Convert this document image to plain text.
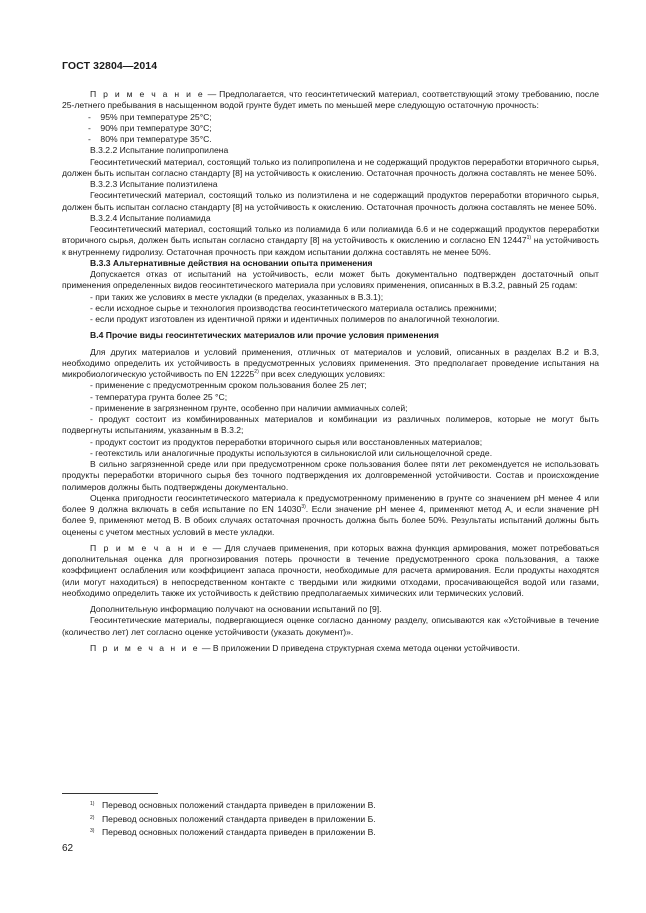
ГОСТ 32804—2014

П р и м е ч а н и е — Предполагается, что геосинтетический материал, соответствующий этому требованию, после 25-летнего пребывания в насыщенном водой грунте будет иметь по меньшей мере следующую остаточную прочность:

-    95% при температуре 25°С;

-    90% при температуре 30°С;

-    80% при температуре 35°С.

В.3.2.2 Испытание полипропилена

Геосинтетический материал, состоящий только из полипропилена и не содержащий продуктов переработки вторичного сырья, должен быть испытан согласно стандарту [8] на устойчивость к окислению. Остаточная прочность должна составлять не менее 50%.

В.3.2.3 Испытание полиэтилена

Геосинтетический материал, состоящий только из полиэтилена и не содержащий продуктов переработки вторичного сырья, должен быть испытан согласно стандарту [8] на устойчивость к окислению. Остаточная прочность должна составлять не менее 50%.

В.3.2.4 Испытание полиамида

Геосинтетический материал, состоящий только из полиамида 6 или полиамида 6.6 и не содержащий продуктов переработки вторичного сырья, должен быть испытан согласно стандарту [8] на устойчивость к окислению и согласно EN 12447$^{1)}$ на устойчивость к внутреннему гидролизу. Остаточная прочность при каждом испытании должна составлять не менее 50%.

В.3.3 Альтернативные действия на основании опыта применения

Допускается отказ от испытаний на устойчивость, если может быть документально подтвержден достаточный опыт применения определенных видов геосинтетического материала при условиях применения, описанных в В.3.2, равный 25 годам:

- при таких же условиях в месте укладки (в пределах, указанных в В.3.1);

- если исходное сырье и технология производства геосинтетического материала остались прежними;

- если продукт изготовлен из идентичной пряжи и идентичных полимеров по аналогичной технологии.

В.4 Прочие виды геосинтетических материалов или прочие условия применения

Для других материалов и условий применения, отличных от материалов и условий, описанных в разделах В.2 и В.3, необходимо определить их устойчивость в предусмотренных условиях применения. Это предполагает проведение испытания на микробиологическую устойчивость по EN 12225$^{2)}$ при всех следующих условиях:

- применение с предусмотренным сроком пользования более 25 лет;

- температура грунта более 25 °С;

- применение в загрязненном грунте, особенно при наличии аммиачных солей;

- продукт состоит из комбинированных материалов и комбинации из различных полимеров, которые не могут быть подвергнуты испытаниям, указанным в В.3.2;

- продукт состоит из продуктов переработки вторичного сырья или восстановленных материалов;

- геотекстиль или аналогичные продукты используются в сильнокислой или сильнощелочной среде.

В сильно загрязненной среде или при предусмотренном сроке пользования более пяти лет рекомендуется не использовать продукты переработки вторичного сырья без точного подтверждения их долговременной устойчивости. Состав и происхождение полимеров должны быть подтверждены документально.

Оценка пригодности геосинтетического материала к предусмотренному применению в грунте со значением рН менее 4 или более 9 должна включать в себя испытание по EN 14030$^{3)}$. Если значение рН менее 4, применяют метод А, и если значение рН более 9, применяют метод В. В обоих случаях остаточная прочность должна быть более 50%. Результаты испытаний должны быть оценены с учетом местных условий в месте укладки.

П р и м е ч а н и е — Для случаев применения, при которых важна функция армирования, может потребоваться дополнительная оценка для прогнозирования потерь прочности в течение предусмотренного срока пользования, а также коэффициент ослабления или коэффициент запаса прочности, необходимые для расчета армирования. Если продукты находятся (или могут находиться) в непосредственном контакте с твердыми или жидкими отходами, просачивающейся водой или газами, необходимо определить также их устойчивость к действию предполагаемых химических или термических условий.

Дополнительную информацию получают на основании испытаний по [9].

Геосинтетические материалы, подвергающиеся оценке согласно данному разделу, описываются как «Устойчивые в течение (количество лет) лет согласно оценке устойчивости (указать документ)».

П р и м е ч а н и е — В приложении D приведена структурная схема метода оценки устойчивости.

1) Перевод основных положений стандарта приведен в приложении В.
2) Перевод основных положений стандарта приведен в приложении Б.
3) Перевод основных положений стандарта приведен в приложении В.
62
